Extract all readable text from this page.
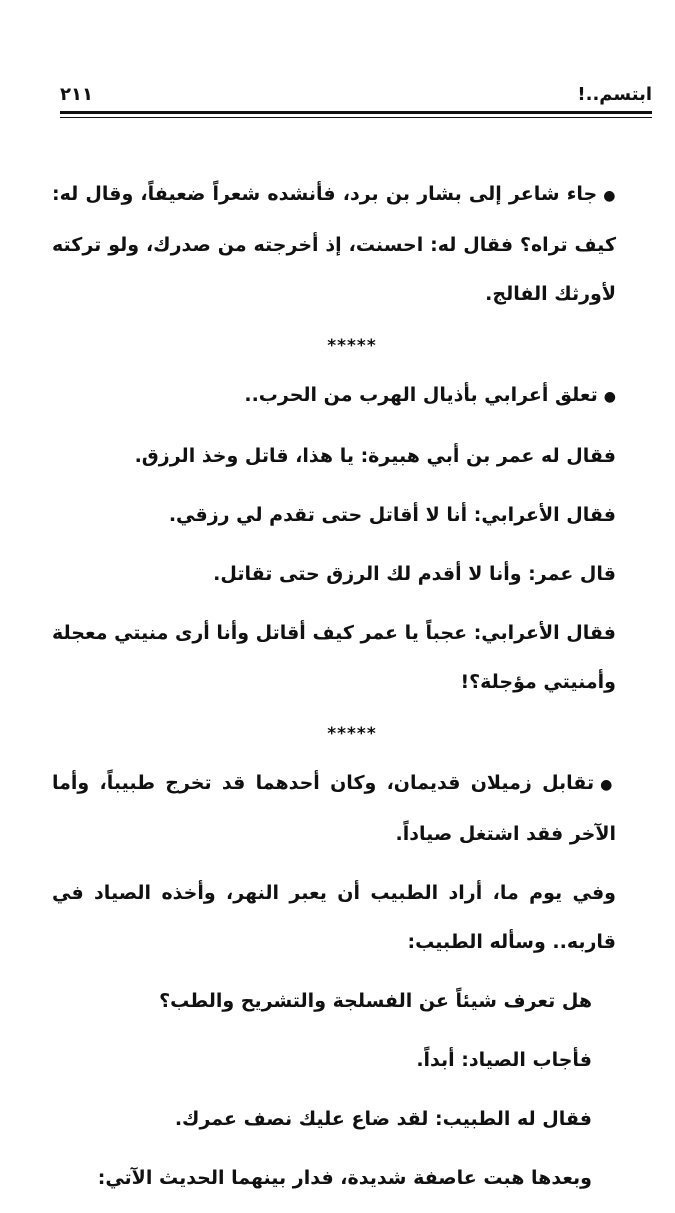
ابتسم..!
٢١١

●جاء شاعر إلى بشار بن برد، فأنشده شعراً ضعيفاً، وقال له: كيف تراه؟ فقال له: احسنت، إذ أخرجته من صدرك، ولو تركته لأورثك الفالج.

*****

●تعلق أعرابي بأذيال الهرب من الحرب..

فقال له عمر بن أبي هبيرة: يا هذا، قاتل وخذ الرزق.

فقال الأعرابي: أنا لا أقاتل حتى تقدم لي رزقي.

قال عمر: وأنا لا أقدم لك الرزق حتى تقاتل.

فقال الأعرابي: عجباً يا عمر كيف أقاتل وأنا أرى منيتي معجلة وأمنيتي مؤجلة؟!

*****

●تقابل زميلان قديمان، وكان أحدهما قد تخرج طبيباً، وأما الآخر فقد اشتغل صياداً.

وفي يوم ما، أراد الطبيب أن يعبر النهر، وأخذه الصياد في قاربه.. وسأله الطبيب:

هل تعرف شيئاً عن الفسلجة والتشريح والطب؟

فأجاب الصياد: أبداً.

فقال له الطبيب: لقد ضاع عليك نصف عمرك.

وبعدها هبت عاصفة شديدة، فدار بينهما الحديث الآتي:
